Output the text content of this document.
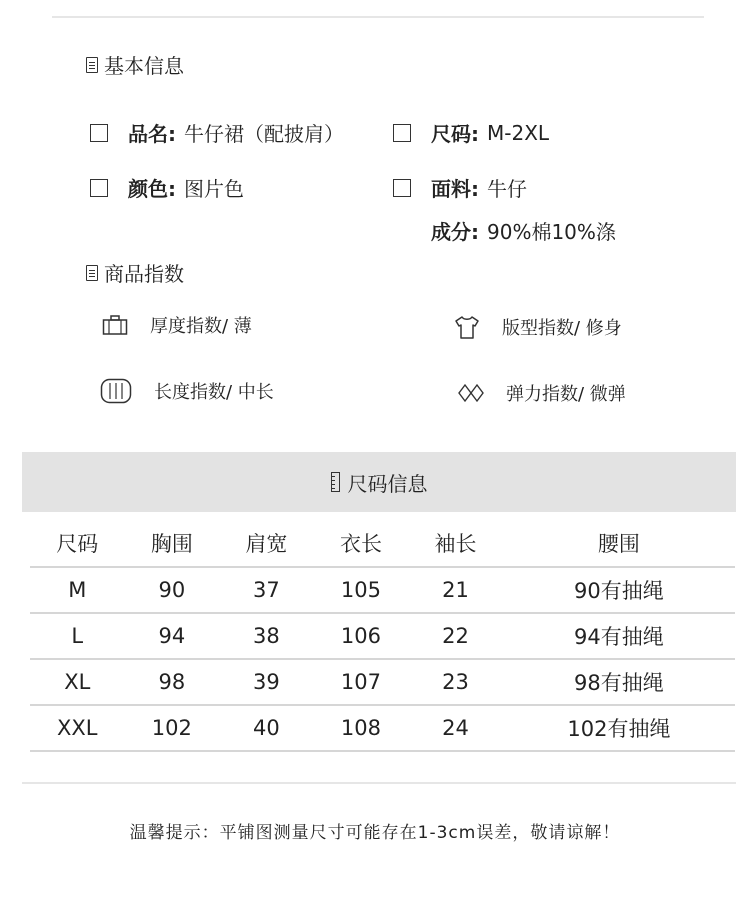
基本信息
品名: 牛仔裙（配披肩）	尺码: M-2XL
颜色: 图片色	面料: 牛仔
成分: 90%棉10%涤
商品指数
厚度指数/ 薄	版型指数/ 修身
长度指数/ 中长	弹力指数/ 微弹
尺码信息
尺码	胸围	肩宽	衣长	袖长	腰围
M	90	37	105	21	90有抽绳
L	94	38	106	22	94有抽绳
XL	98	39	107	23	98有抽绳
XXL	102	40	108	24	102有抽绳
温馨提示：平铺图测量尺寸可能存在1-3cm误差，敬请谅解！
